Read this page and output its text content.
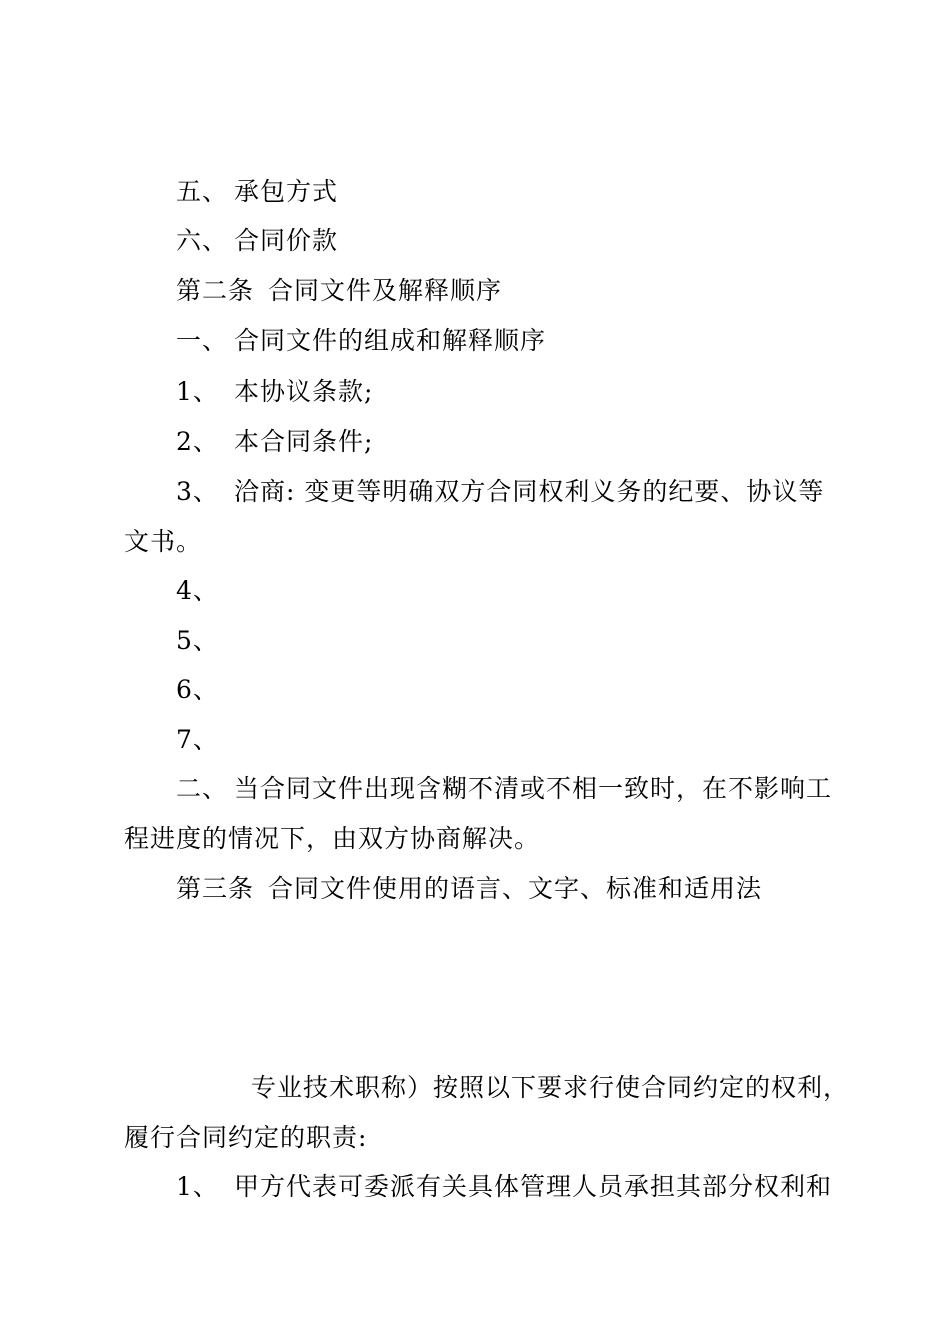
五、 承包方式
六、 合同价款
第二条 合同文件及解释顺序
一、 合同文件的组成和解释顺序
1、 本协议条款;
2、 本合同条件;
3、 洽商: 变更等明确双方合同权利义务的纪要、协议等
文书。
4、
5、
6、
7、
二、 当合同文件出现含糊不清或不相一致时，在不影响工
程进度的情况下，由双方协商解决。
第三条 合同文件使用的语言、文字、标准和适用法
专业技术职称）按照以下要求行使合同约定的权利，
履行合同约定的职责:
1、 甲方代表可委派有关具体管理人员承担其部分权利和
